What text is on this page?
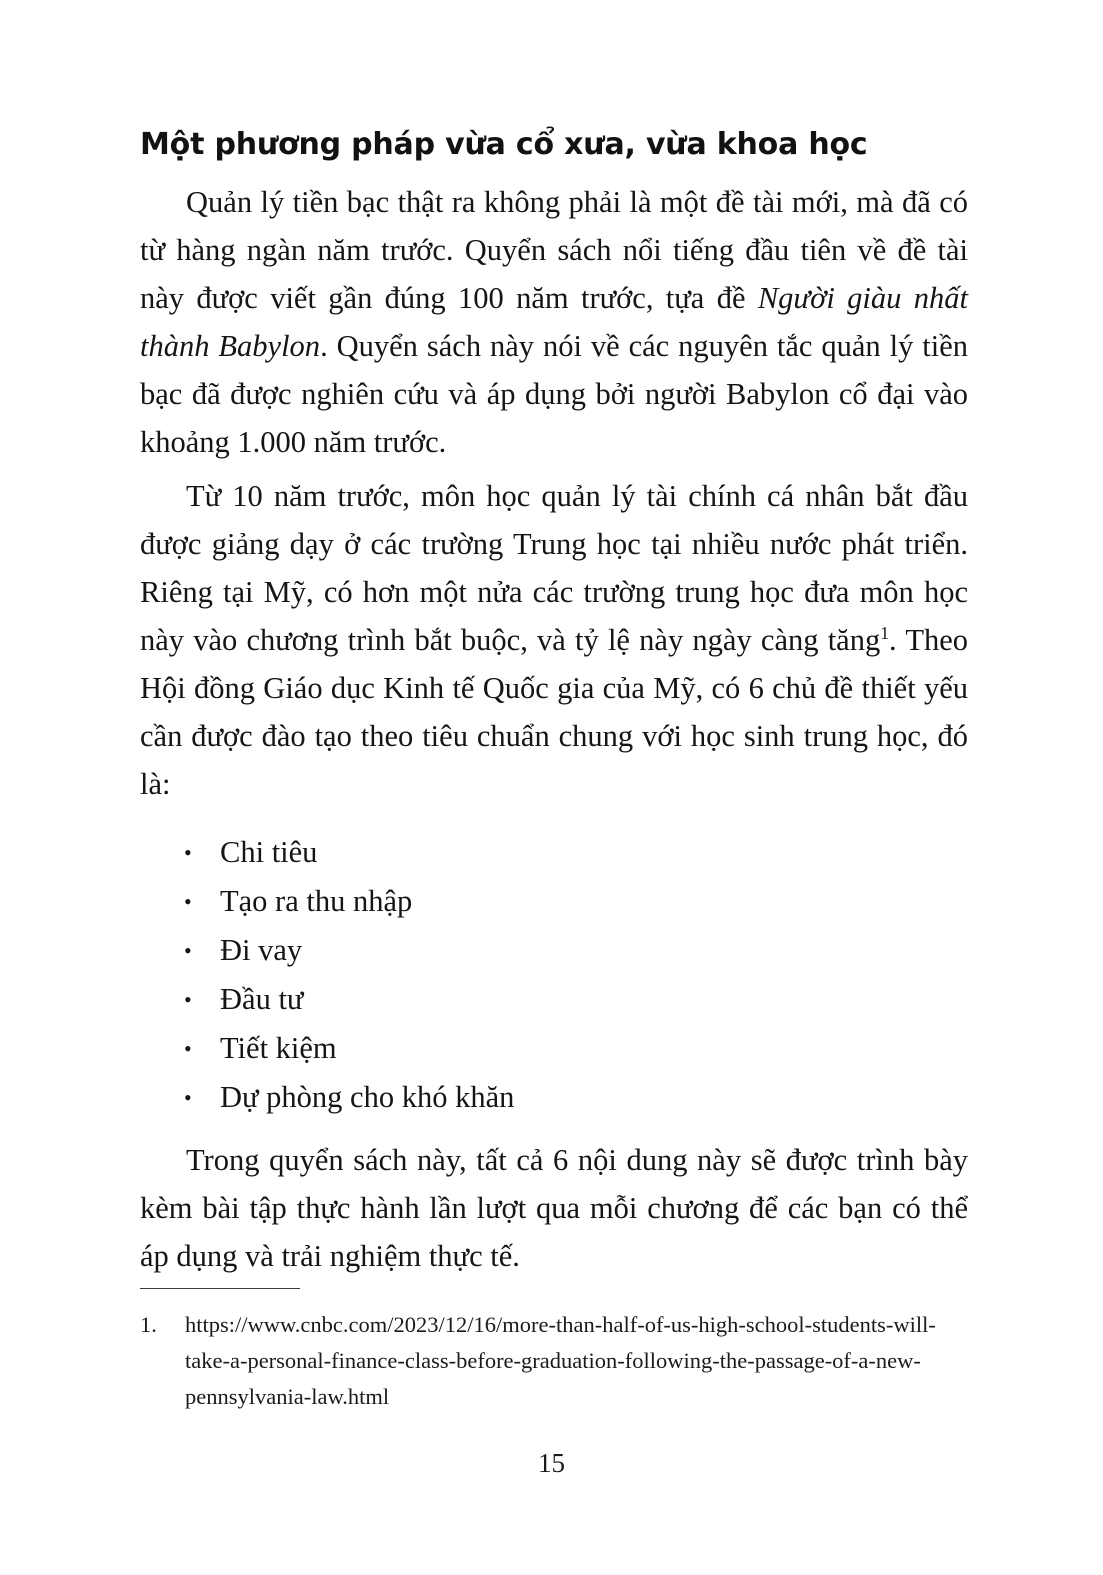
Một phương pháp vừa cổ xưa, vừa khoa học

Quản lý tiền bạc thật ra không phải là một đề tài mới, mà đã có từ hàng ngàn năm trước. Quyển sách nổi tiếng đầu tiên về đề tài này được viết gần đúng 100 năm trước, tựa đề Người giàu nhất thành Babylon. Quyển sách này nói về các nguyên tắc quản lý tiền bạc đã được nghiên cứu và áp dụng bởi người Babylon cổ đại vào khoảng 1.000 năm trước.

Từ 10 năm trước, môn học quản lý tài chính cá nhân bắt đầu được giảng dạy ở các trường Trung học tại nhiều nước phát triển. Riêng tại Mỹ, có hơn một nửa các trường trung học đưa môn học này vào chương trình bắt buộc, và tỷ lệ này ngày càng tăng$^1$. Theo Hội đồng Giáo dục Kinh tế Quốc gia của Mỹ, có 6 chủ đề thiết yếu cần được đào tạo theo tiêu chuẩn chung với học sinh trung học, đó là:

• Chi tiêu
• Tạo ra thu nhập
• Đi vay
• Đầu tư
• Tiết kiệm
• Dự phòng cho khó khăn

Trong quyển sách này, tất cả 6 nội dung này sẽ được trình bày kèm bài tập thực hành lần lượt qua mỗi chương để các bạn có thể áp dụng và trải nghiệm thực tế.

1. https://www.cnbc.com/2023/12/16/more-than-half-of-us-high-school-students-will-take-a-personal-finance-class-before-graduation-following-the-passage-of-a-new-pennsylvania-law.html
15
